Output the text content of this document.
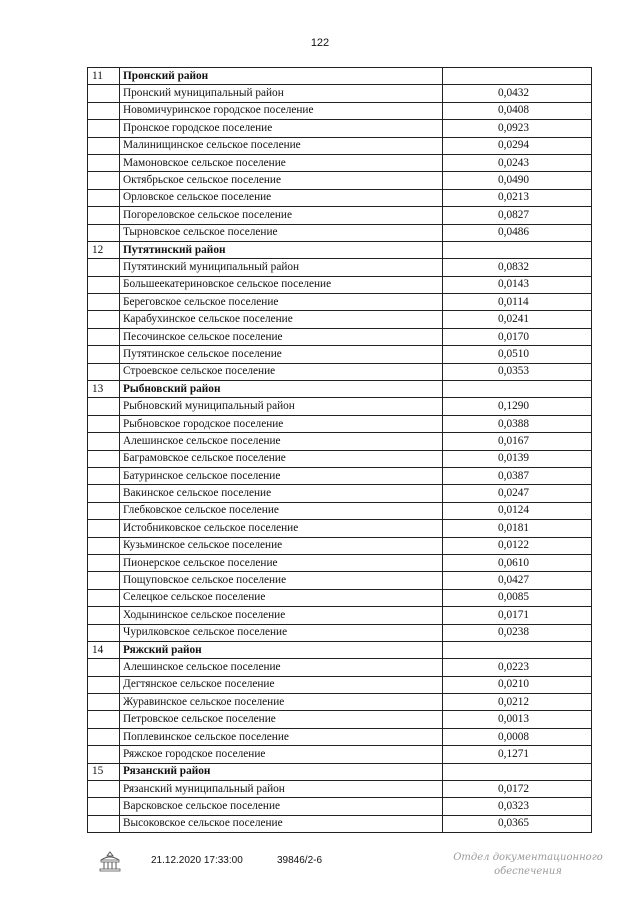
122
11	Пронский район	
	Пронский муниципальный район	0,0432
	Новомичуринское городское поселение	0,0408
	Пронское городское поселение	0,0923
	Малинищинское сельское поселение	0,0294
	Мамоновское сельское поселение	0,0243
	Октябрьское сельское поселение	0,0490
	Орловское сельское поселение	0,0213
	Погореловское сельское поселение	0,0827
	Тырновское сельское поселение	0,0486
12	Путятинский район	
	Путятинский муниципальный район	0,0832
	Большеекатериновское сельское поселение	0,0143
	Береговское сельское поселение	0,0114
	Карабухинское сельское поселение	0,0241
	Песочинское сельское поселение	0,0170
	Путятинское сельское поселение	0,0510
	Строевское сельское поселение	0,0353
13	Рыбновский район	
	Рыбновский муниципальный район	0,1290
	Рыбновское городское поселение	0,0388
	Алешинское сельское поселение	0,0167
	Баграмовское сельское поселение	0,0139
	Батуринское сельское поселение	0,0387
	Вакинское сельское поселение	0,0247
	Глебковское сельское поселение	0,0124
	Истобниковское сельское поселение	0,0181
	Кузьминское сельское поселение	0,0122
	Пионерское сельское поселение	0,0610
	Пощуповское сельское поселение	0,0427
	Селецкое сельское поселение	0,0085
	Ходынинское сельское поселение	0,0171
	Чурилковское сельское поселение	0,0238
14	Ряжский район	
	Алешинское сельское поселение	0,0223
	Дегтянское сельское поселение	0,0210
	Журавинское сельское поселение	0,0212
	Петровское сельское поселение	0,0013
	Поплевинское сельское поселение	0,0008
	Ряжское городское поселение	0,1271
15	Рязанский район	
	Рязанский муниципальный район	0,0172
	Варсковское сельское поселение	0,0323
	Высоковское сельское поселение	0,0365
21.12.2020 17:33:00	39846/2-6	Отдел документационного
обеспечения
